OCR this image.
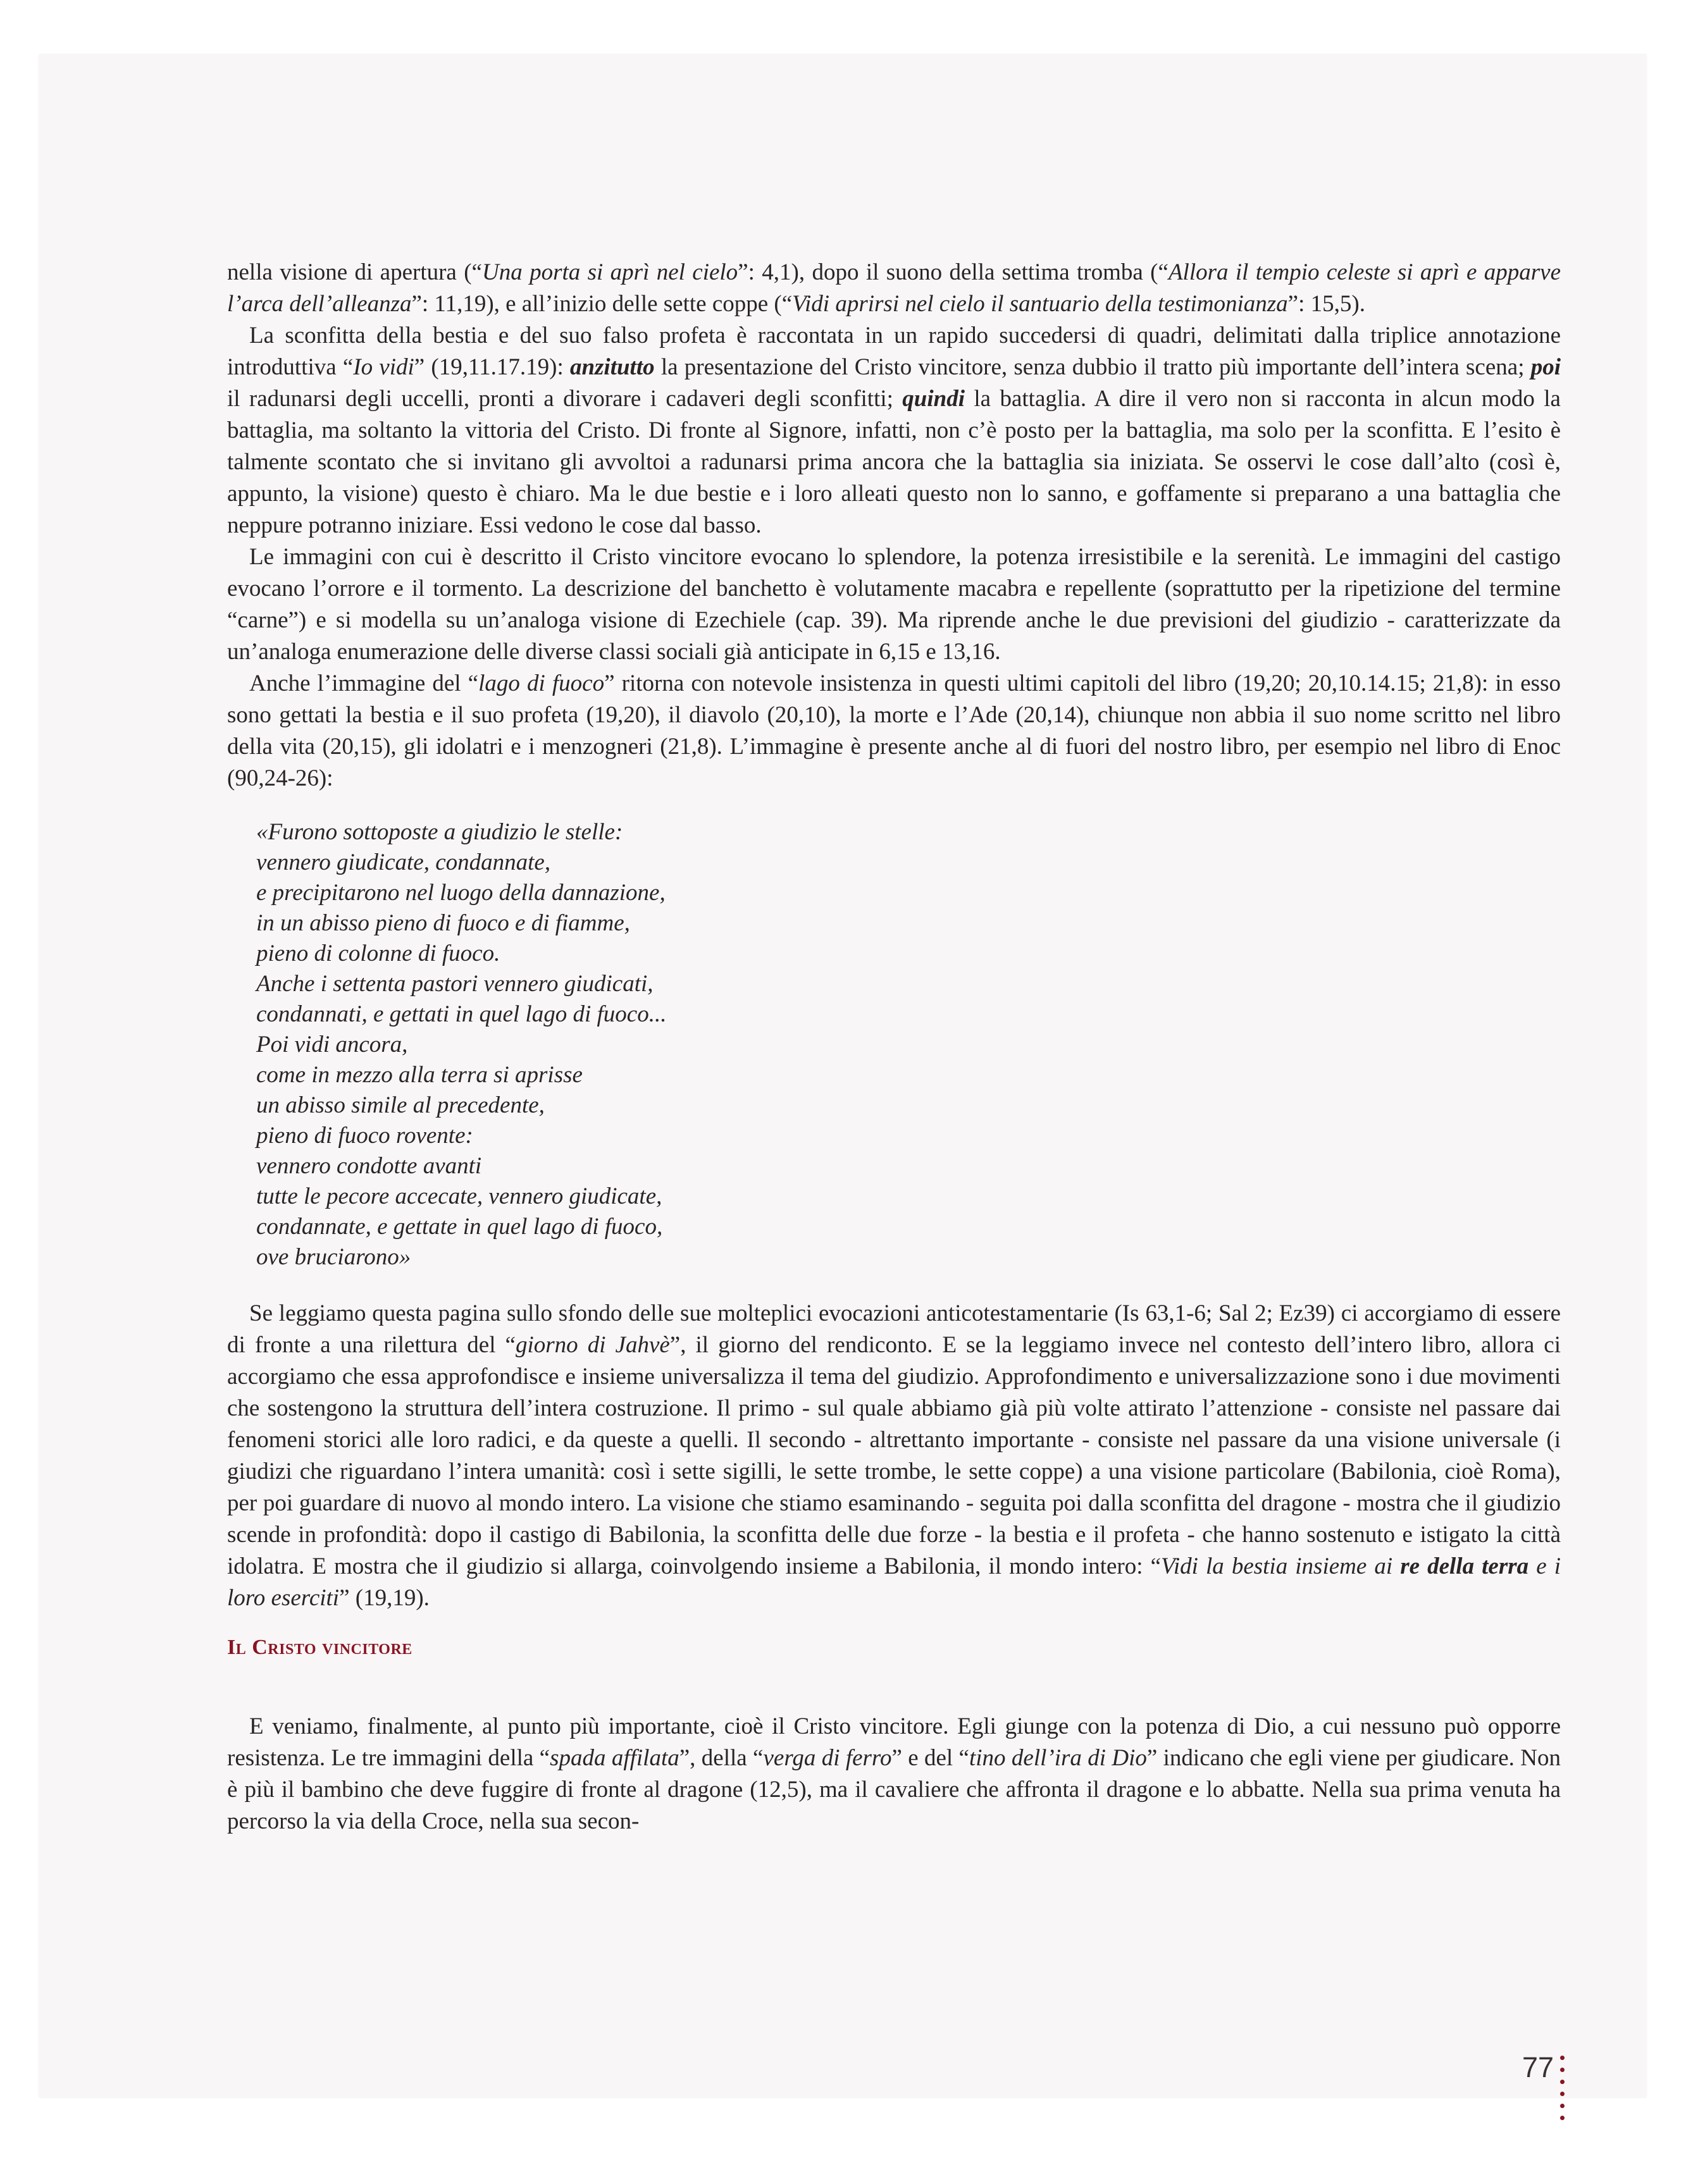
nella visione di apertura (“Una porta si aprì nel cielo”: 4,1), dopo il suono della settima tromba (“Allora il tempio celeste si aprì e apparve l’arca dell’alleanza”: 11,19), e all’inizio delle sette coppe (“Vidi aprirsi nel cielo il santuario della testimonianza”: 15,5).

La sconfitta della bestia e del suo falso profeta è raccontata in un rapido succedersi di quadri, delimitati dalla triplice annotazione introduttiva “Io vidi” (19,11.17.19): anzitutto la presentazione del Cristo vincitore, senza dubbio il tratto più importante dell’intera scena; poi il radunarsi degli uccelli, pronti a divorare i cadaveri degli sconfitti; quindi la battaglia. A dire il vero non si racconta in alcun modo la battaglia, ma soltanto la vittoria del Cristo. Di fronte al Signore, infatti, non c’è posto per la battaglia, ma solo per la sconfitta. E l’esito è talmente scontato che si invitano gli avvoltoi a radunarsi prima ancora che la battaglia sia iniziata. Se osservi le cose dall’alto (così è, appunto, la visione) questo è chiaro. Ma le due bestie e i loro alleati questo non lo sanno, e goffamente si preparano a una battaglia che neppure potranno iniziare. Essi vedono le cose dal basso.

Le immagini con cui è descritto il Cristo vincitore evocano lo splendore, la potenza irresistibile e la serenità. Le immagini del castigo evocano l’orrore e il tormento. La descrizione del banchetto è volutamente macabra e repellente (soprattutto per la ripetizione del termine “carne”) e si modella su un’analoga visione di Ezechiele (cap. 39). Ma riprende anche le due previsioni del giudizio - caratterizzate da un’analoga enumerazione delle diverse classi sociali già anticipate in 6,15 e 13,16.

Anche l’immagine del “lago di fuoco” ritorna con notevole insistenza in questi ultimi capitoli del libro (19,20; 20,10.14.15; 21,8): in esso sono gettati la bestia e il suo profeta (19,20), il diavolo (20,10), la morte e l’Ade (20,14), chiunque non abbia il suo nome scritto nel libro della vita (20,15), gli idolatri e i menzogneri (21,8). L’immagine è presente anche al di fuori del nostro libro, per esempio nel libro di Enoc (90,24-26):

«Furono sottoposte a giudizio le stelle:
vennero giudicate, condannate,
e precipitarono nel luogo della dannazione,
in un abisso pieno di fuoco e di fiamme,
pieno di colonne di fuoco.
Anche i settenta pastori vennero giudicati,
condannati, e gettati in quel lago di fuoco...
Poi vidi ancora,
come in mezzo alla terra si aprisse
un abisso simile al precedente,
pieno di fuoco rovente:
vennero condotte avanti
tutte le pecore accecate, vennero giudicate,
condannate, e gettate in quel lago di fuoco,
ove bruciarono»

Se leggiamo questa pagina sullo sfondo delle sue molteplici evocazioni anticotestamentarie (Is 63,1-6; Sal 2; Ez39) ci accorgiamo di essere di fronte a una rilettura del “giorno di Jahvè”, il giorno del rendiconto. E se la leggiamo invece nel contesto dell’intero libro, allora ci accorgiamo che essa approfondisce e insieme universalizza il tema del giudizio. Approfondimento e universalizzazione sono i due movimenti che sostengono la struttura dell’intera costruzione. Il primo - sul quale abbiamo già più volte attirato l’attenzione - consiste nel passare dai fenomeni storici alle loro radici, e da queste a quelli. Il secondo - altrettanto importante - consiste nel passare da una visione universale (i giudizi che riguardano l’intera umanità: così i sette sigilli, le sette trombe, le sette coppe) a una visione particolare (Babilonia, cioè Roma), per poi guardare di nuovo al mondo intero. La visione che stiamo esaminando - seguita poi dalla sconfitta del dragone - mostra che il giudizio scende in profondità: dopo il castigo di Babilonia, la sconfitta delle due forze - la bestia e il profeta - che hanno sostenuto e istigato la città idolatra. E mostra che il giudizio si allarga, coinvolgendo insieme a Babilonia, il mondo intero: “Vidi la bestia insieme ai re della terra e i loro eserciti” (19,19).

Il Cristo vincitore

E veniamo, finalmente, al punto più importante, cioè il Cristo vincitore. Egli giunge con la potenza di Dio, a cui nessuno può opporre resistenza. Le tre immagini della “spada affilata”, della “verga di ferro” e del “tino dell’ira di Dio” indicano che egli viene per giudicare. Non è più il bambino che deve fuggire di fronte al dragone (12,5), ma il cavaliere che affronta il dragone e lo abbatte. Nella sua prima venuta ha percorso la via della Croce, nella sua secon-

77
